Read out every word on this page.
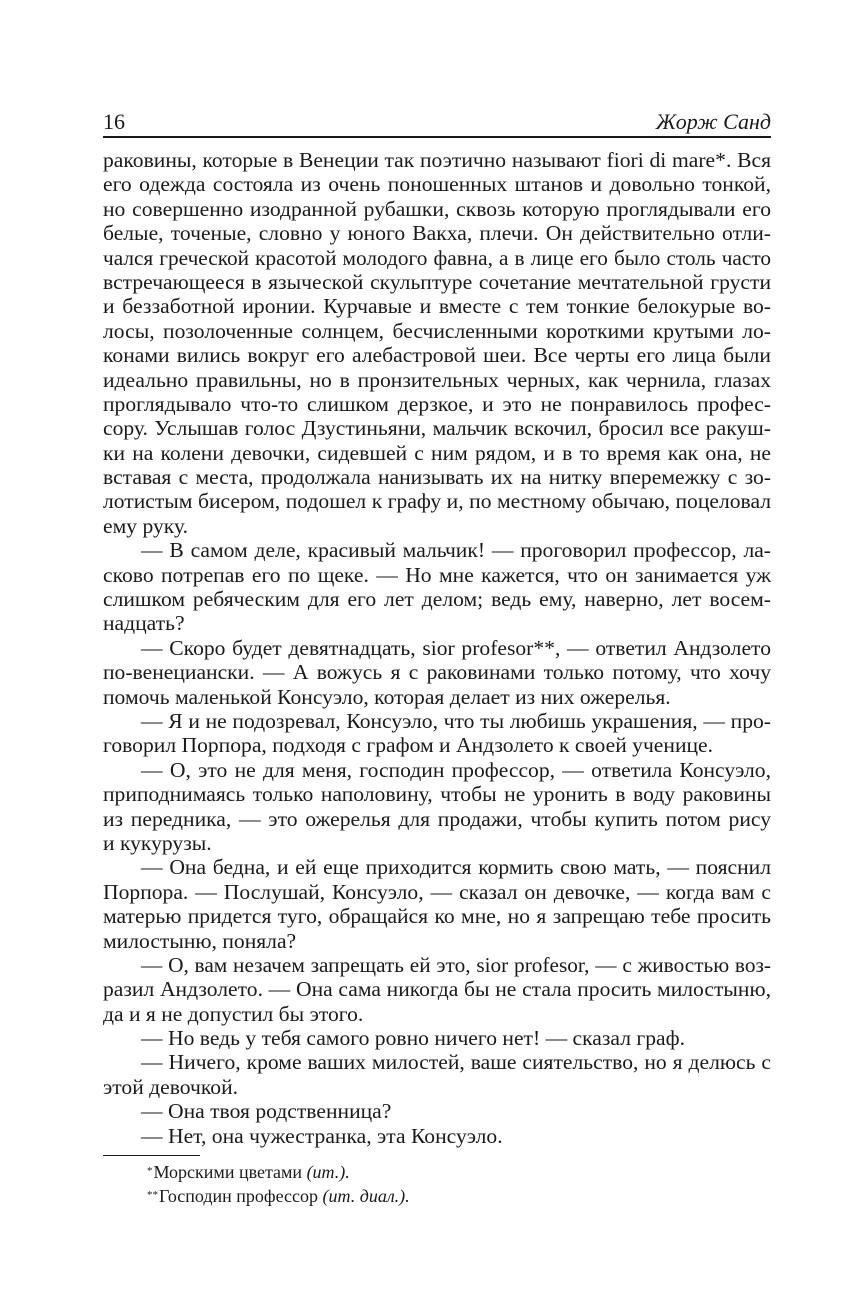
16	Жорж Санд
раковины, которые в Венеции так поэтично называют fiori di mare*. Вся
его одежда состояла из очень поношенных штанов и довольно тонкой,
но совершенно изодранной рубашки, сквозь которую проглядывали его
белые, точеные, словно у юного Вакха, плечи. Он действительно отли-
чался греческой красотой молодого фавна, а в лице его было столь часто
встречающееся в языческой скульптуре сочетание мечтательной грусти
и беззаботной иронии. Курчавые и вместе с тем тонкие белокурые во-
лосы, позолоченные солнцем, бесчисленными короткими крутыми ло-
конами вились вокруг его алебастровой шеи. Все черты его лица были
идеально правильны, но в пронзительных черных, как чернила, глазах
проглядывало что-то слишком дерзкое, и это не понравилось профес-
сору. Услышав голос Дзустиньяни, мальчик вскочил, бросил все ракуш-
ки на колени девочки, сидевшей с ним рядом, и в то время как она, не
вставая с места, продолжала нанизывать их на нитку вперемежку с зо-
лотистым бисером, подошел к графу и, по местному обычаю, поцеловал
ему руку.
— В самом деле, красивый мальчик! — проговорил профессор, ла-
сково потрепав его по щеке. — Но мне кажется, что он занимается уж
слишком ребяческим для его лет делом; ведь ему, наверно, лет восем-
надцать?
— Скоро будет девятнадцать, sior profesor**, — ответил Андзолето
по-венециански. — А вожусь я с раковинами только потому, что хочу
помочь маленькой Консуэло, которая делает из них ожерелья.
— Я и не подозревал, Консуэло, что ты любишь украшения, — про-
говорил Порпора, подходя с графом и Андзолето к своей ученице.
— О, это не для меня, господин профессор, — ответила Консуэло,
приподнимаясь только наполовину, чтобы не уронить в воду раковины
из передника, — это ожерелья для продажи, чтобы купить потом рису
и кукурузы.
— Она бедна, и ей еще приходится кормить свою мать, — пояснил
Порпора. — Послушай, Консуэло, — сказал он девочке, — когда вам с
матерью придется туго, обращайся ко мне, но я запрещаю тебе просить
милостыню, поняла?
— О, вам незачем запрещать ей это, sior profesor, — с живостью воз-
разил Андзолето. — Она сама никогда бы не стала просить милостыню,
да и я не допустил бы этого.
— Но ведь у тебя самого ровно ничего нет! — сказал граф.
— Ничего, кроме ваших милостей, ваше сиятельство, но я делюсь с
этой девочкой.
— Она твоя родственница?
— Нет, она чужестранка, эта Консуэло.
*Морскими цветами (ит.).
**Господин профессор (ит. диал.).
